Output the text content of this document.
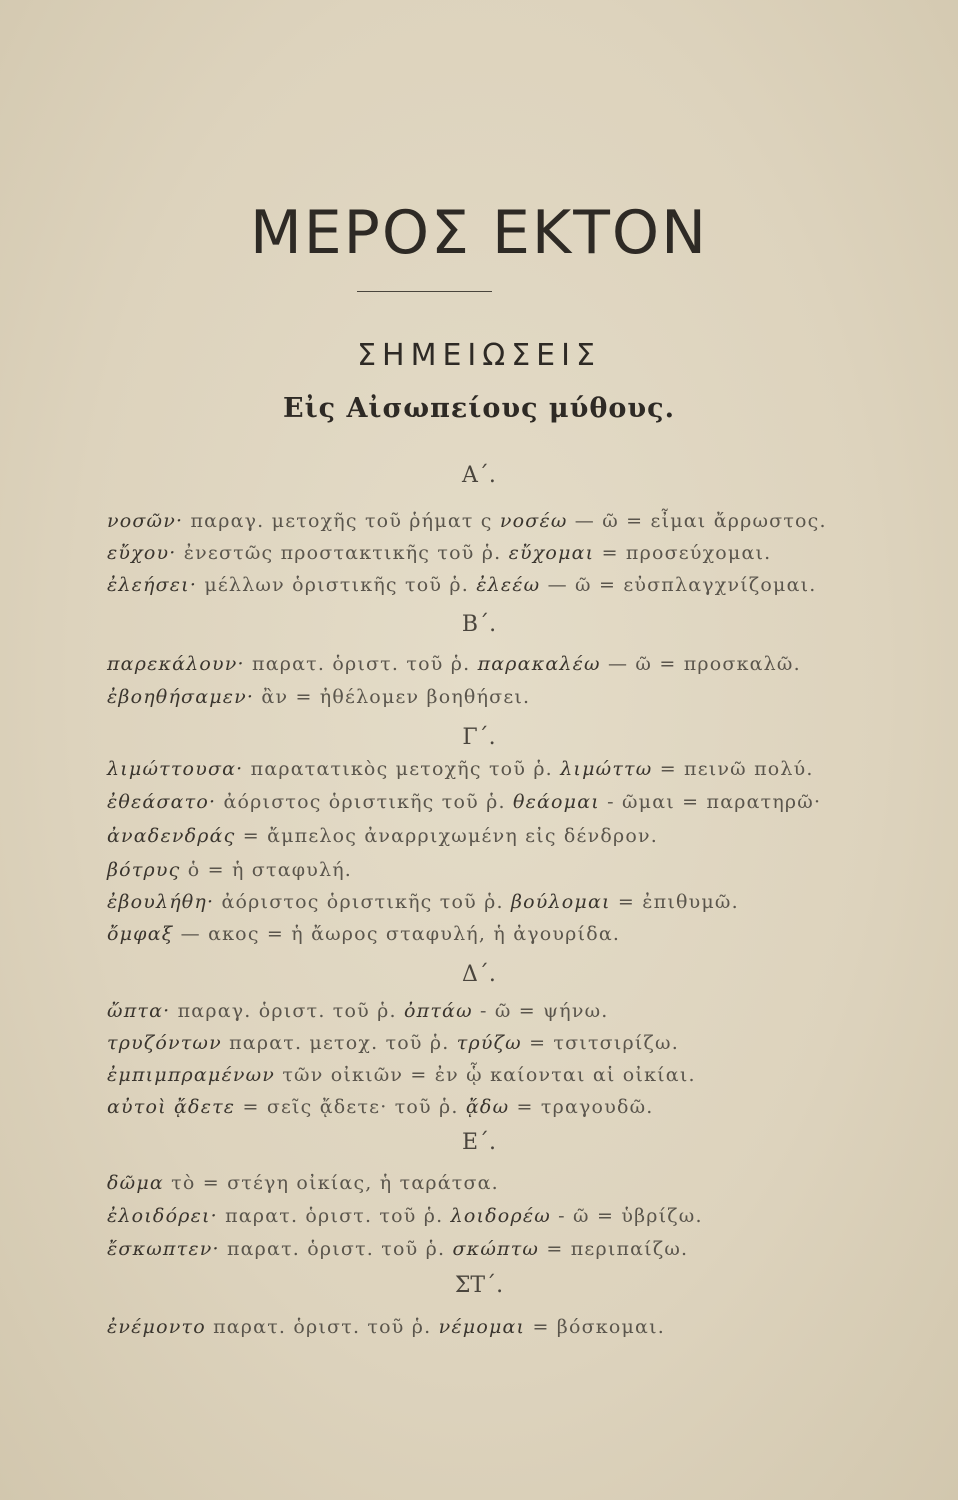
ΜΕΡΟΣ ΕΚΤΟΝ
ΣΗΜΕΙΩΣΕΙΣ
Εἰς Αἰσωπείους μύθους.
Α΄.
νοσῶν· παραγ. μετοχῆς τοῦ ῥήματ ς νοσέω — ῶ = εἶμαι ἄρρωστος.
εὔχου· ἐνεστῶς προστακτικῆς τοῦ ῥ. εὔχομαι = προσεύχομαι.
ἐλεήσει· μέλλων ὁριστικῆς τοῦ ῥ. ἐλεέω — ῶ = εὐσπλαγχνίζομαι.
Β΄.
παρεκάλουν· παρατ. ὁριστ. τοῦ ῥ. παρακαλέω — ῶ = προσκαλῶ.
ἐβοηθήσαμεν· ἂν = ἠθέλομεν βοηθήσει.
Γ΄.
λιμώττουσα· παρατατικὸς μετοχῆς τοῦ ῥ. λιμώττω = πεινῶ πολύ.
ἐθεάσατο· ἀόριστος ὁριστικῆς τοῦ ῥ. θεάομαι - ῶμαι = παρατηρῶ·
ἀναδενδράς = ἄμπελος ἀναρριχωμένη εἰς δένδρον.
βότρυς ὁ = ἡ σταφυλή.
ἐβουλήθη· ἀόριστος ὁριστικῆς τοῦ ῥ. βούλομαι = ἐπιθυμῶ.
ὄμφαξ — ακος = ἡ ἄωρος σταφυλή, ἡ ἀγουρίδα.
Δ΄.
ὤπτα· παραγ. ὁριστ. τοῦ ῥ. ὀπτάω - ῶ = ψήνω.
τρυζόντων παρατ. μετοχ. τοῦ ῥ. τρύζω = τσιτσιρίζω.
ἐμπιμπραμένων τῶν οἰκιῶν = ἐν ᾧ καίονται αἱ οἰκίαι.
αὐτοὶ ᾄδετε = σεῖς ᾄδετε· τοῦ ῥ. ᾄδω = τραγουδῶ.
Ε΄.
δῶμα τὸ = στέγη οἰκίας, ἡ ταράτσα.
ἐλοιδόρει· παρατ. ὁριστ. τοῦ ῥ. λοιδορέω - ῶ = ὑβρίζω.
ἔσκωπτεν· παρατ. ὁριστ. τοῦ ῥ. σκώπτω = περιπαίζω.
ΣΤ΄.
ἐνέμοντο παρατ. ὁριστ. τοῦ ῥ. νέμομαι = βόσκομαι.
